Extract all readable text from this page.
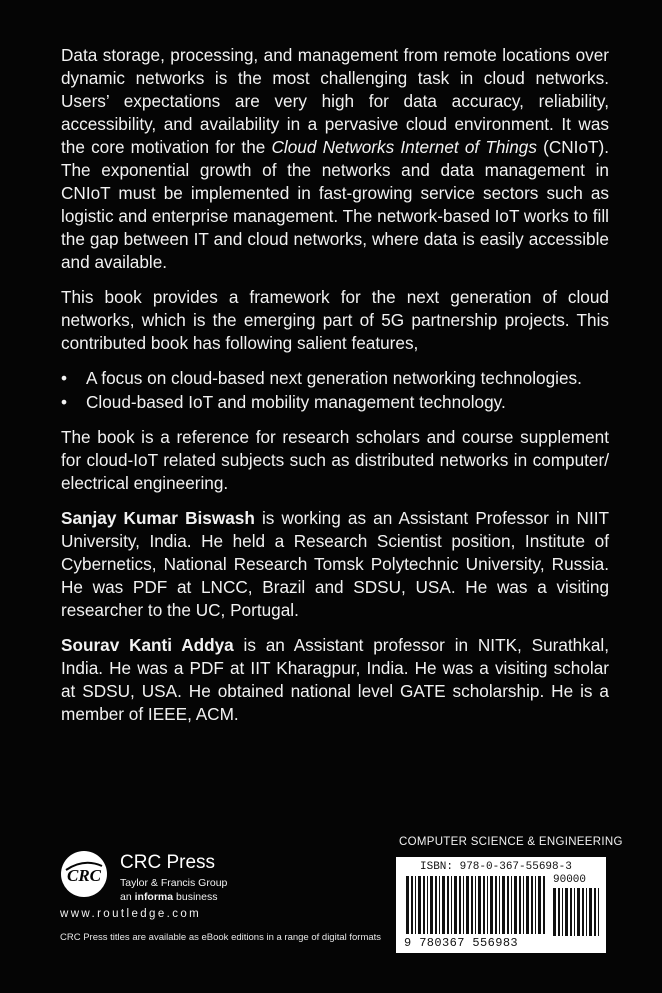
Data storage, processing, and management from remote locations over dynamic networks is the most challenging task in cloud networks. Users’ expectations are very high for data accuracy, reliability, accessibility, and availability in a pervasive cloud environment. It was the core motivation for the Cloud Networks Internet of Things (CNIoT). The exponential growth of the networks and data management in CNIoT must be implemented in fast-growing service sectors such as logistic and enterprise management. The network-based IoT works to fill the gap between IT and cloud networks, where data is easily accessible and available.

This book provides a framework for the next generation of cloud networks, which is the emerging part of 5G partnership projects. This contributed book has following salient features,

• A focus on cloud-based next generation networking technologies.
• Cloud-based IoT and mobility management technology.

The book is a reference for research scholars and course supplement for cloud-IoT related subjects such as distributed networks in computer/ electrical engineering.

Sanjay Kumar Biswash is working as an Assistant Professor in NIIT University, India. He held a Research Scientist position, Institute of Cybernetics, National Research Tomsk Polytechnic University, Russia. He was PDF at LNCC, Brazil and SDSU, USA. He was a visiting researcher to the UC, Portugal.

Sourav Kanti Addya is an Assistant professor in NITK, Surathkal, India. He was a PDF at IIT Kharagpur, India. He was a visiting scholar at SDSU, USA. He obtained national level GATE scholarship. He is a member of IEEE, ACM.

CRC
CRC Press
Taylor & Francis Group
an informa business
www.routledge.com
CRC Press titles are available as eBook editions in a range of digital formats
COMPUTER SCIENCE & ENGINEERING
ISBN: 978-0-367-55698-3
90000
9 780367 556983
